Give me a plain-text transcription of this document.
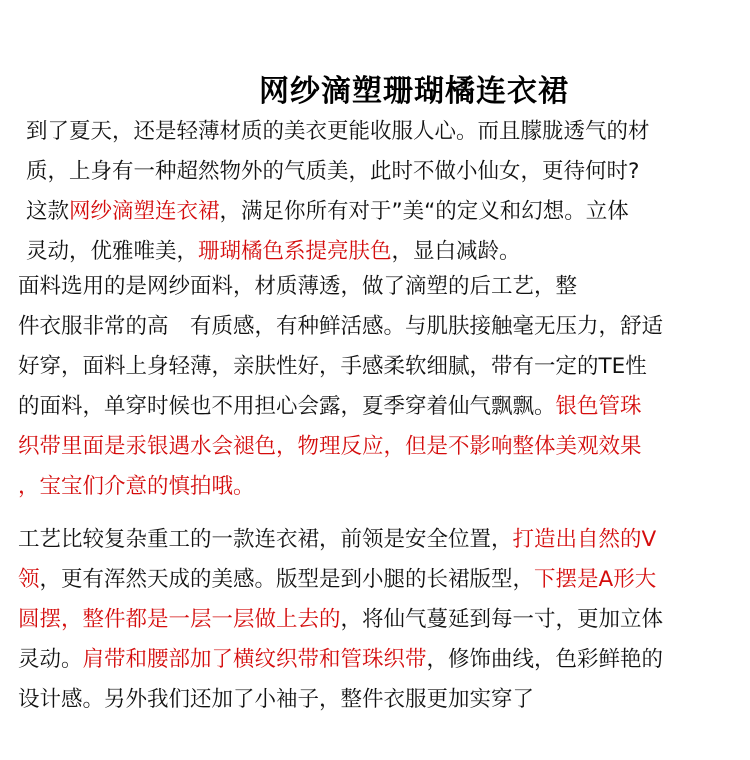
网纱滴塑珊瑚橘连衣裙
到了夏天，还是轻薄材质的美衣更能收服人心。而且朦胧透气的材
质，上身有一种超然物外的气质美，此时不做小仙女，更待何时?
这款网纱滴塑连衣裙，满足你所有对于”美“的定义和幻想。立体
灵动，优雅唯美，珊瑚橘色系提亮肤色，显白减龄。
面料选用的是网纱面料，材质薄透，做了滴塑的后工艺，整
件衣服非常的高　有质感，有种鲜活感。与肌肤接触毫无压力，舒适
好穿，面料上身轻薄，亲肤性好，手感柔软细腻，带有一定的TE性
的面料，单穿时候也不用担心会露，夏季穿着仙气飘飘。银色管珠
织带里面是汞银遇水会褪色，物理反应，但是不影响整体美观效果
，宝宝们介意的慎拍哦。
工艺比较复杂重工的一款连衣裙，前领是安全位置，打造出自然的V
领，更有浑然天成的美感。版型是到小腿的长裙版型，下摆是A形大
圆摆，整件都是一层一层做上去的，将仙气蔓延到每一寸，更加立体
灵动。肩带和腰部加了横纹织带和管珠织带，修饰曲线，色彩鲜艳的
设计感。另外我们还加了小袖子，整件衣服更加实穿了
